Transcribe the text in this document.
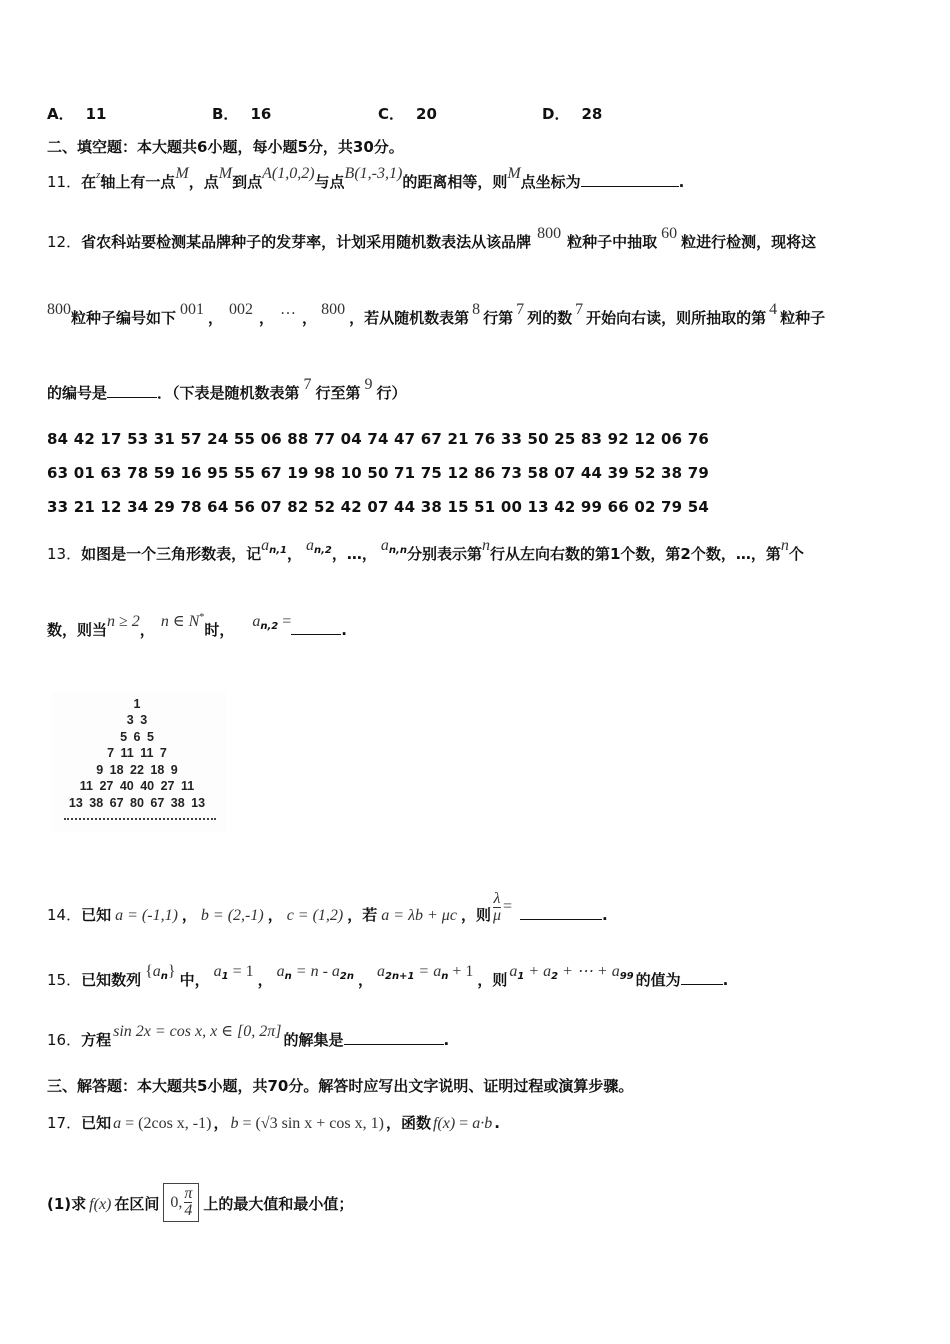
A． 11	B． 16	C． 20	D． 28
二、填空题：本大题共6小题，每小题5分，共30分。
11．在$^z$轴上有一点M，点M到点A(1,0,2)与点B(1,-3,1)的距离相等，则M点坐标为	.
12．省农科站要检测某品牌种子的发芽率，计划采用随机数表法从该品牌 800 粒种子中抽取 60 粒进行检测，现将这
800粒种子编号如下 001 ， 002 ， … ， 800 ，若从随机数表第 8 行第 7 列的数 7 开始向右读，则所抽取的第 4 粒种子
的编号是	．（下表是随机数表第 7 行至第 9 行）
84 42 17 53 31 57 24 55 06 88 77 04 74 47 67 21 76 33 50 25 83 92 12 06 76
63 01 63 78 59 16 95 55 67 19 98 10 50 71 75 12 86 73 58 07 44 39 52 38 79
33 21 12 34 29 78 64 56 07 82 52 42 07 44 38 15 51 00 13 42 99 66 02 79 54
13．如图是一个三角形数表，记$a_{n,1}$， $a_{n,2}$，…， $a_{n,n}$分别表示第n行从左向右数的第1个数，第2个数，…，第n个
数，则当n ≥ 2， n ∈ N*时， $a_{n,2}$ =	.
1
3 3
5 6 5
7 11 11 7
9 18 22 18 9
11 27 40 40 27 11
13 38 67 80 67 38 13
14．已知 a = (-1,1) ， b = (2,-1) ， c = (1,2) ，若 a = λb + μc ，则 $\frac{\lambda}{\mu}$ =	.
15．已知数列 $\{a_n\}$ 中， $a_1 = 1$ ， $a_n = n - a_{2n}$ ， $a_{2n+1} = a_n + 1$ ，则 $a_1 + a_2$ + ⋯ + $a_{99}$ 的值为	.
16．方程 sin 2x = cos x, x ∈ [0, 2π] 的解集是	.
三、解答题：本大题共5小题，共70分。解答时应写出文字说明、证明过程或演算步骤。
17．已知 a = (2cos x, -1) ， b = (√3 sin x + cos x, 1) ，函数 f(x) = a·b .
(1)求 f(x) 在区间 0, $\frac{\pi}{4}$ 上的最大值和最小值；
